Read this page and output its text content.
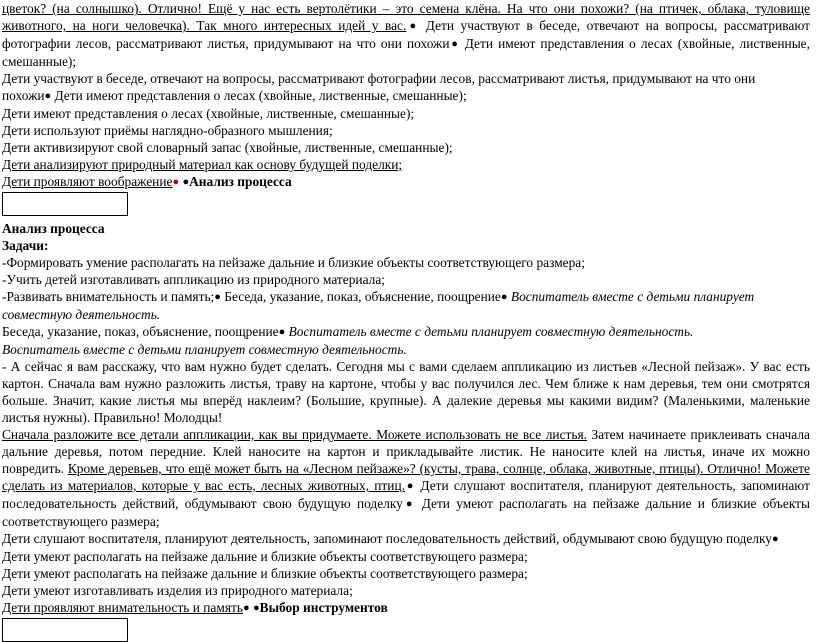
цветок? (на солнышко). Отлично! Ещё у нас есть вертолётики – это семена клёна. На что они похожи? (на птичек, облака, туловище животного, на ноги человечка). Так много интересных идей у вас.● Дети участвуют в беседе, отвечают на вопросы, рассматривают фотографии лесов, рассматривают листья, придумывают на что они похожи● Дети имеют представления о лесах (хвойные, лиственные, смешанные);
Дети участвуют в беседе, отвечают на вопросы, рассматривают фотографии лесов, рассматривают листья, придумывают на что они
похожи● Дети имеют представления о лесах (хвойные, лиственные, смешанные);
Дети имеют представления о лесах (хвойные, лиственные, смешанные);
Дети используют приёмы наглядно-образного мышления;
Дети активизируют свой словарный запас (хвойные, лиственные, смешанные);
Дети анализируют природный материал как основу будущей поделки;
Дети проявляют воображение● ●Анализ процесса
Анализ процесса
Задачи:
-Формировать умение располагать на пейзаже дальние и близкие объекты соответствующего размера;
-Учить детей изготавливать аппликацию из природного материала;
-Развивать внимательность и память;● Беседа, указание, показ, объяснение, поощрение● Воспитатель вместе с детьми планирует совместную деятельность.
Беседа, указание, показ, объяснение, поощрение● Воспитатель вместе с детьми планирует совместную деятельность.
Воспитатель вместе с детьми планирует совместную деятельность.
- А сейчас я вам расскажу, что вам нужно будет сделать. Сегодня мы с вами сделаем аппликацию из листьев «Лесной пейзаж». У вас есть картон. Сначала вам нужно разложить листья, траву на картоне, чтобы у вас получился лес. Чем ближе к нам деревья, тем они смотрятся больше. Значит, какие листья мы вперёд наклеим? (Большие, крупные). А далекие деревья мы какими видим? (Маленькими, маленькие листья нужны). Правильно! Молодцы!
Сначала разложите все детали аппликации, как вы придумаете. Можете использовать не все листья. Затем начинаете приклеивать сначала дальние деревья, потом передние. Клей наносите на картон и прикладывайте листик. Не наносите клей на листья, иначе их можно повредить. Кроме деревьев, что ещё может быть на «Лесном пейзаже»? (кусты, трава, солнце, облака, животные, птицы). Отлично! Можете сделать из материалов, которые у вас есть, лесных животных, птиц.● Дети слушают воспитателя, планируют деятельность, запоминают последовательность действий, обдумывают свою будущую поделку● Дети умеют располагать на пейзаже дальние и близкие объекты соответствующего размера;
Дети слушают воспитателя, планируют деятельность, запоминают последовательность действий, обдумывают свою будущую поделку● Дети умеют располагать на пейзаже дальние и близкие объекты соответствующего размера;
Дети умеют располагать на пейзаже дальние и близкие объекты соответствующего размера;
Дети умеют изготавливать изделия из природного материала;
Дети проявляют внимательность и память● ●Выбор инструментов
